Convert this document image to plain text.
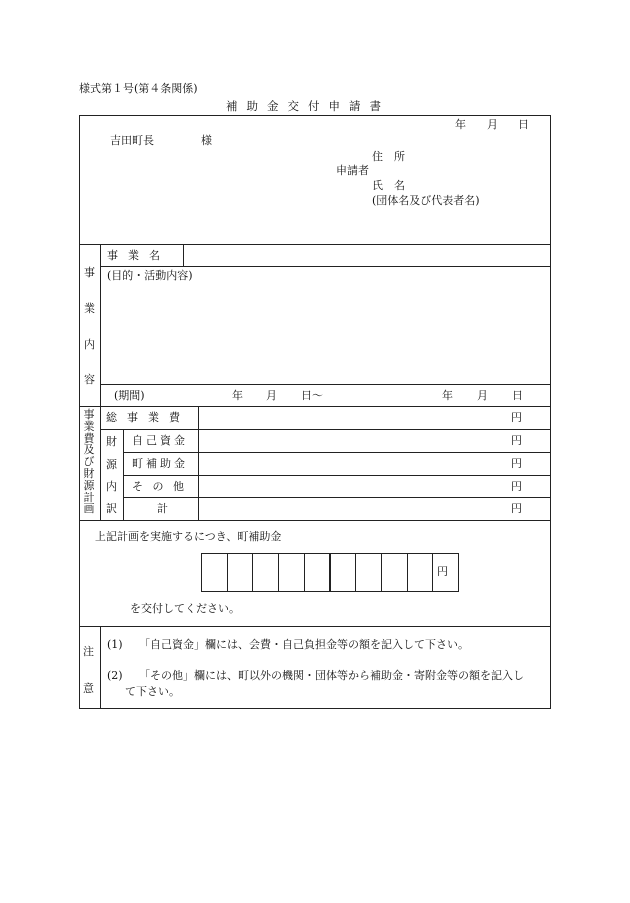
様式第１号(第４条関係)
補助金交付申請書
年 月 日
吉田町長	様
住　所
申請者
氏　名
(団体名及び代表者名)
事
業
内
容
事業名
(目的・活動内容)
(期間)	年 月 日～	年 月 日
事
業
費
及
び
財
源
計
画
総事業費	円
財
源
内
訳
自己資金	円
町補助金	円
そ の 他	円
計	円
上記計画を実施するにつき、町補助金
円
を交付してください。
注
意
(1) 「自己資金」欄には、会費・自己負担金等の額を記入して下さい。
(2) 「その他」欄には、町以外の機関・団体等から補助金・寄附金等の額を記入し
て下さい。
